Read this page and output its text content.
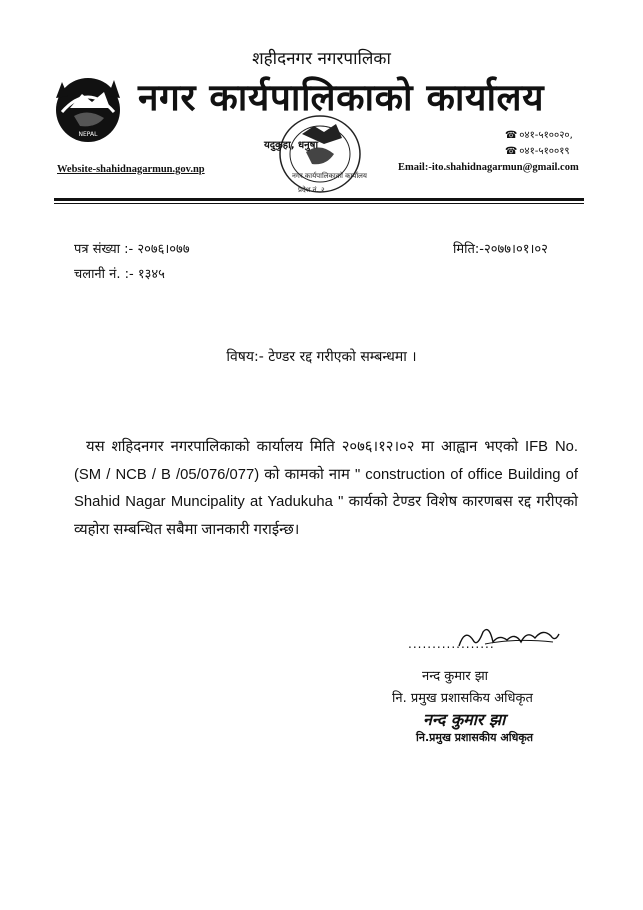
शहीदनगर नगरपालिका
NEPAL
नगर कार्यपालिकाको कार्यालय
यदुकुहा, धनुषा
नगर कार्यपालिकाको कार्यालय
प्रदेश नं. २
☎ ०४१-५१००२०,
☎ ०४१-५१००१९
Website-shahidnagarmun.gov.np	Email:-ito.shahidnagarmun@gmail.com
पत्र संख्या :- २०७६।०७७
चलानी नं. :- १३४५
मिति:-२०७७।०१।०२
विषय:- टेण्डर रद्द गरीएको सम्बन्धमा ।
यस शहिदनगर नगरपालिकाको कार्यालय मिति २०७६।१२।०२ मा आह्वान भएको IFB No. (SM / NCB / B /05/076/077) को कामको नाम " construction of office Building of Shahid Nagar Muncipality at Yadukuha " कार्यको टेण्डर विशेष कारणबस रद्द गरीएको व्यहोरा सम्बन्धित सबैमा जानकारी गराईन्छ।
..................
नन्द कुमार झा
नि. प्रमुख प्रशासकिय अधिकृत
नन्द कुमार झा
नि.प्रमुख प्रशासकीय अधिकृत
